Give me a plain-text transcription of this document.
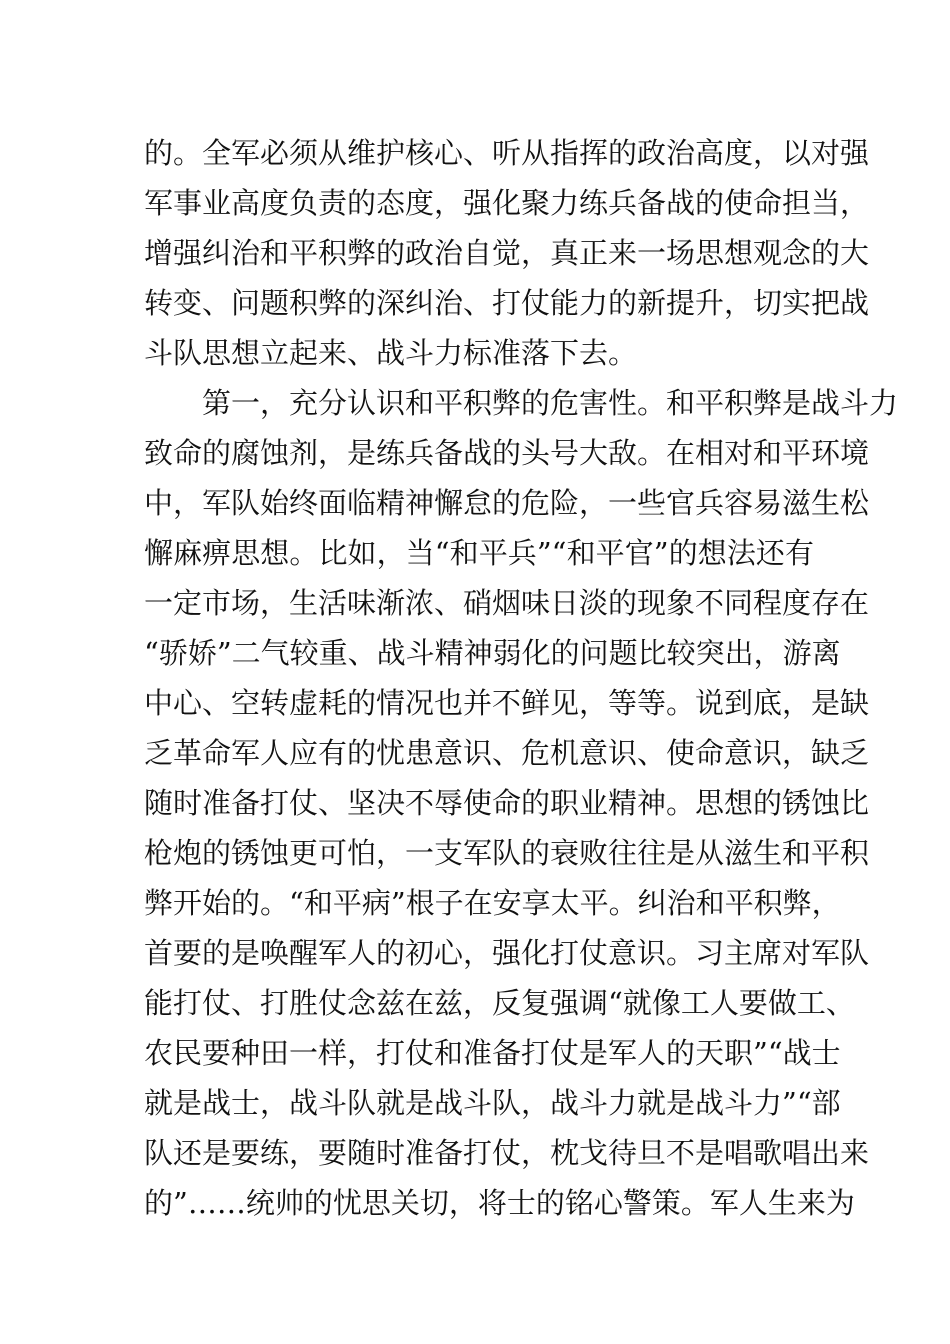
的。全军必须从维护核心、听从指挥的政治高度，以对强
军事业高度负责的态度，强化聚力练兵备战的使命担当，
增强纠治和平积弊的政治自觉，真正来一场思想观念的大
转变、问题积弊的深纠治、打仗能力的新提升，切实把战
斗队思想立起来、战斗力标准落下去。
　　第一，充分认识和平积弊的危害性。和平积弊是战斗力
致命的腐蚀剂，是练兵备战的头号大敌。在相对和平环境
中，军队始终面临精神懈怠的危险，一些官兵容易滋生松
懈麻痹思想。比如，当“和平兵”“和平官”的想法还有
一定市场，生活味渐浓、硝烟味日淡的现象不同程度存在
“骄娇”二气较重、战斗精神弱化的问题比较突出，游离
中心、空转虚耗的情况也并不鲜见，等等。说到底，是缺
乏革命军人应有的忧患意识、危机意识、使命意识，缺乏
随时准备打仗、坚决不辱使命的职业精神。思想的锈蚀比
枪炮的锈蚀更可怕，一支军队的衰败往往是从滋生和平积
弊开始的。“和平病”根子在安享太平。纠治和平积弊，
首要的是唤醒军人的初心，强化打仗意识。习主席对军队
能打仗、打胜仗念兹在兹，反复强调“就像工人要做工、
农民要种田一样，打仗和准备打仗是军人的天职”“战士
就是战士，战斗队就是战斗队，战斗力就是战斗力”“部
队还是要练，要随时准备打仗，枕戈待旦不是唱歌唱出来
的”……统帅的忧思关切，将士的铭心警策。军人生来为
